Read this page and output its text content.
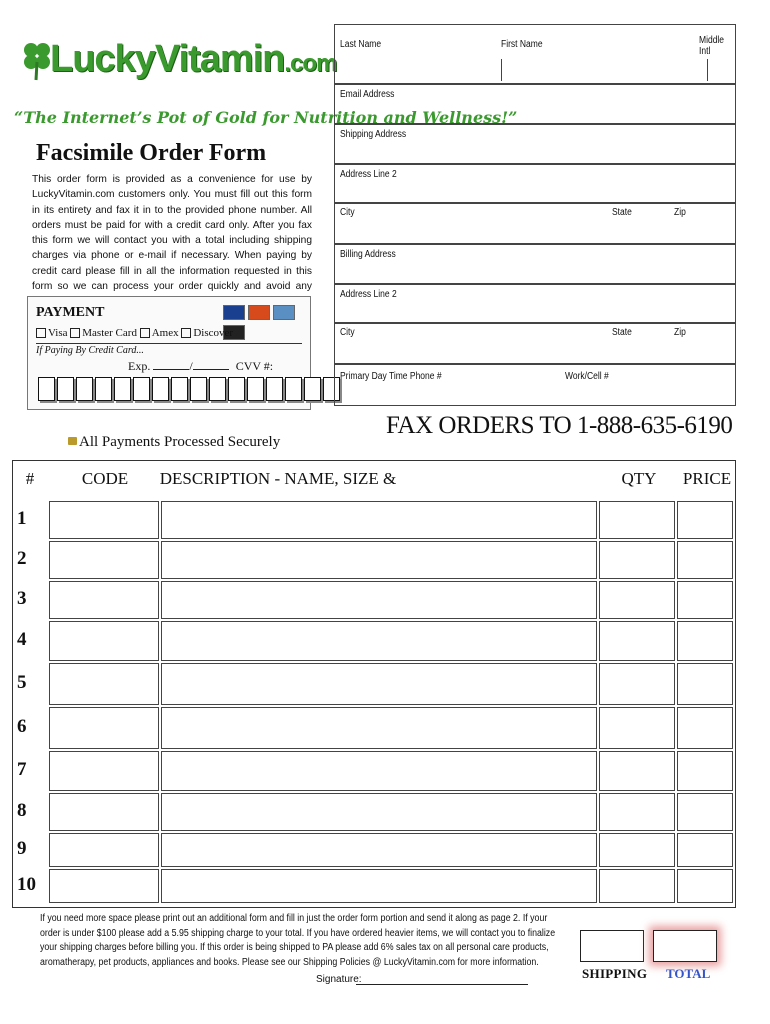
LuckyVitamin.com
“The Internet’s Pot of Gold for Nutrition and Wellness!”
Facsimile Order Form
This order form is provided as a convenience for use by LuckyVitamin.com customers only. You must fill out this form in its entirety and fax it in to the provided phone number. All orders must be paid for with a credit card only. After you fax this form we will contact you with a total including shipping charges via phone or e-mail if necessary. When paying by credit card please fill in all the information requested in this form so we can process your order quickly and avoid any
PAYMENT
Visa Master Card Amex Discover
If Paying By Credit Card...
Exp.	/	CVV #:
All Payments Processed Securely
FAX ORDERS TO 1-888-635-6190
Last Name	First Name	Middle Intl
Email Address
Shipping Address
Address Line 2
City	State	Zip
Billing Address
Address Line 2
City	State	Zip
Primary Day Time Phone #	Work/Cell #
#	CODE	DESCRIPTION - NAME, SIZE &	QTY	PRICE
1
2
3
4
5
6
7
8
9
10
If you need more space please print out an additional form and fill in just the order form portion and send it along as page 2. If your order is under $100 please add a 5.95 shipping charge to your total. If you have ordered heavier items, we will contact you to finalize your shipping charges before billing you. If this order is being shipped to PA please add 6% sales tax on all personal care products, aromatherapy, pet products, appliances and books. Please see our Shipping Policies @ LuckyVitamin.com for more information.
Signature:	SHIPPING TOTAL
